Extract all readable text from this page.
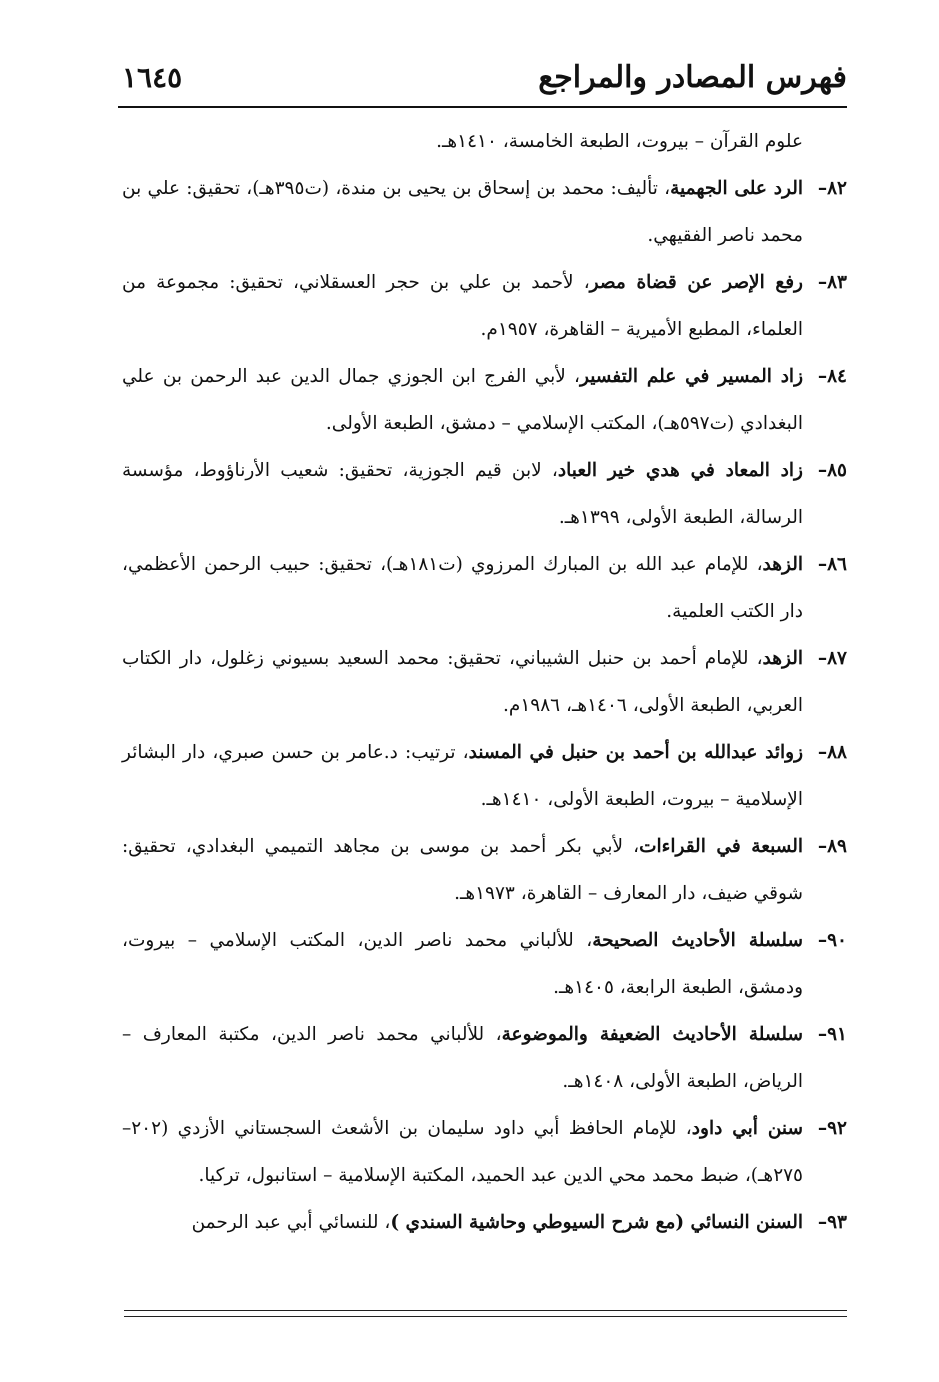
فهرس المصادر والمراجع
١٦٤٥
علوم القرآن – بيروت، الطبعة الخامسة، ١٤١٠هـ.
٨٢–
الرد على الجهمية، تأليف: محمد بن إسحاق بن يحيى بن مندة، (ت٣٩٥هـ)، تحقيق: علي بن محمد ناصر الفقيهي.
٨٣–
رفع الإصر عن قضاة مصر، لأحمد بن علي بن حجر العسقلاني، تحقيق: مجموعة من العلماء، المطبع الأميرية – القاهرة، ١٩٥٧م.
٨٤–
زاد المسير في علم التفسير، لأبي الفرج ابن الجوزي جمال الدين عبد الرحمن بن علي البغدادي (ت٥٩٧هـ)، المكتب الإسلامي – دمشق، الطبعة الأولى.
٨٥–
زاد المعاد في هدي خير العباد، لابن قيم الجوزية، تحقيق: شعيب الأرناؤوط، مؤسسة الرسالة، الطبعة الأولى، ١٣٩٩هـ.
٨٦–
الزهد، للإمام عبد الله بن المبارك المرزوي (ت١٨١هـ)، تحقيق: حبيب الرحمن الأعظمي، دار الكتب العلمية.
٨٧–
الزهد، للإمام أحمد بن حنبل الشيباني، تحقيق: محمد السعيد بسيوني زغلول، دار الكتاب العربي، الطبعة الأولى، ١٤٠٦هـ، ١٩٨٦م.
٨٨–
زوائد عبدالله بن أحمد بن حنبل في المسند، ترتيب: د.عامر بن حسن صبري، دار البشائر الإسلامية – بيروت، الطبعة الأولى، ١٤١٠هـ.
٨٩–
السبعة في القراءات، لأبي بكر أحمد بن موسى بن مجاهد التميمي البغدادي، تحقيق: شوقي ضيف، دار المعارف – القاهرة، ١٩٧٣هـ.
٩٠–
سلسلة الأحاديث الصحيحة، للألباني محمد ناصر الدين، المكتب الإسلامي – بيروت، ودمشق، الطبعة الرابعة، ١٤٠٥هـ.
٩١–
سلسلة الأحاديث الضعيفة والموضوعة، للألباني محمد ناصر الدين، مكتبة المعارف – الرياض، الطبعة الأولى، ١٤٠٨هـ.
٩٢–
سنن أبي داود، للإمام الحافظ أبي داود سليمان بن الأشعث السجستاني الأزدي (٢٠٢–٢٧٥هـ)، ضبط محمد محي الدين عبد الحميد، المكتبة الإسلامية – استانبول، تركيا.
٩٣–
السنن النسائي (مع شرح السيوطي وحاشية السندي )، للنسائي أبي عبد الرحمن
